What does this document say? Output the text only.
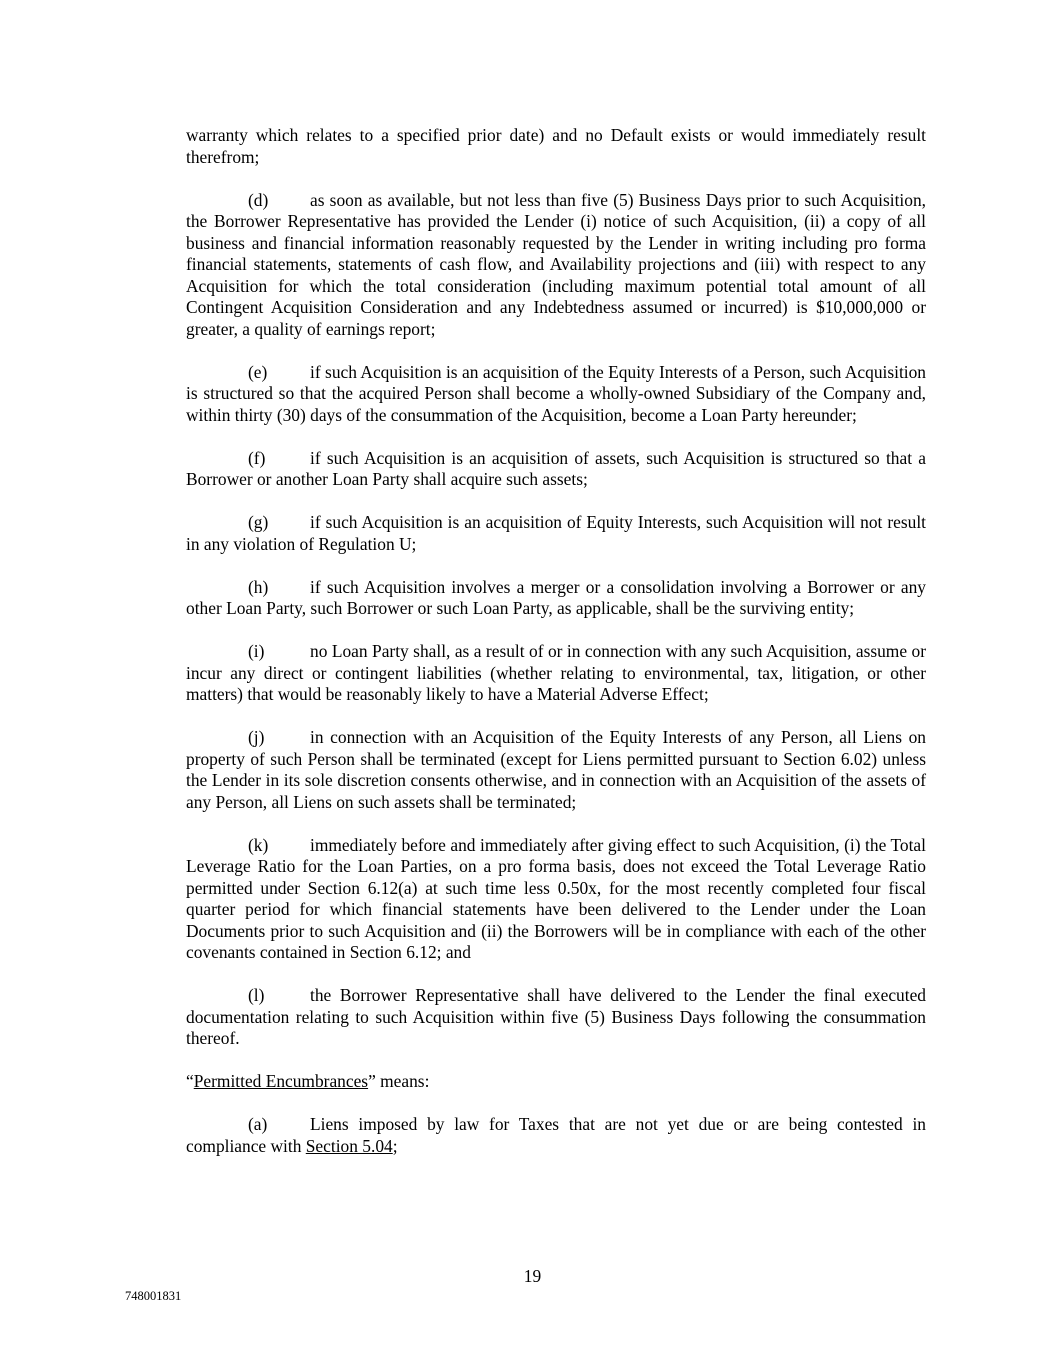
warranty which relates to a specified prior date) and no Default exists or would immediately result therefrom;

(d) as soon as available, but not less than five (5) Business Days prior to such Acquisition, the Borrower Representative has provided the Lender (i) notice of such Acquisition, (ii) a copy of all business and financial information reasonably requested by the Lender in writing including pro forma financial statements, statements of cash flow, and Availability projections and (iii) with respect to any Acquisition for which the total consideration (including maximum potential total amount of all Contingent Acquisition Consideration and any Indebtedness assumed or incurred) is $10,000,000 or greater, a quality of earnings report;

(e) if such Acquisition is an acquisition of the Equity Interests of a Person, such Acquisition is structured so that the acquired Person shall become a wholly-owned Subsidiary of the Company and, within thirty (30) days of the consummation of the Acquisition, become a Loan Party hereunder;

(f)	if such Acquisition is an acquisition of assets, such Acquisition is structured so that a Borrower or another Loan Party shall acquire such assets;

(g) if such Acquisition is an acquisition of Equity Interests, such Acquisition will not result in any violation of Regulation U;

(h) if such Acquisition involves a merger or a consolidation involving a Borrower or any other Loan Party, such Borrower or such Loan Party, as applicable, shall be the surviving entity;

(i)	no Loan Party shall, as a result of or in connection with any such Acquisition, assume or incur any direct or contingent liabilities (whether relating to environmental, tax, litigation, or other matters) that would be reasonably likely to have a Material Adverse Effect;

(j)	in connection with an Acquisition of the Equity Interests of any Person, all Liens on property of such Person shall be terminated (except for Liens permitted pursuant to Section 6.02) unless the Lender in its sole discretion consents otherwise, and in connection with an Acquisition of the assets of any Person, all Liens on such assets shall be terminated;

(k) immediately before and immediately after giving effect to such Acquisition, (i) the Total Leverage Ratio for the Loan Parties, on a pro forma basis, does not exceed the Total Leverage Ratio permitted under Section 6.12(a) at such time less 0.50x, for the most recently completed four fiscal quarter period for which financial statements have been delivered to the Lender under the Loan Documents prior to such Acquisition and (ii) the Borrowers will be in compliance with each of the other covenants contained in Section 6.12; and

(l)	the Borrower Representative shall have delivered to the Lender the final executed documentation relating to such Acquisition within five (5) Business Days following the consummation thereof.

“Permitted Encumbrances” means:

(a) Liens imposed by law for Taxes that are not yet due or are being contested in compliance with Section 5.04;

19
748001831
